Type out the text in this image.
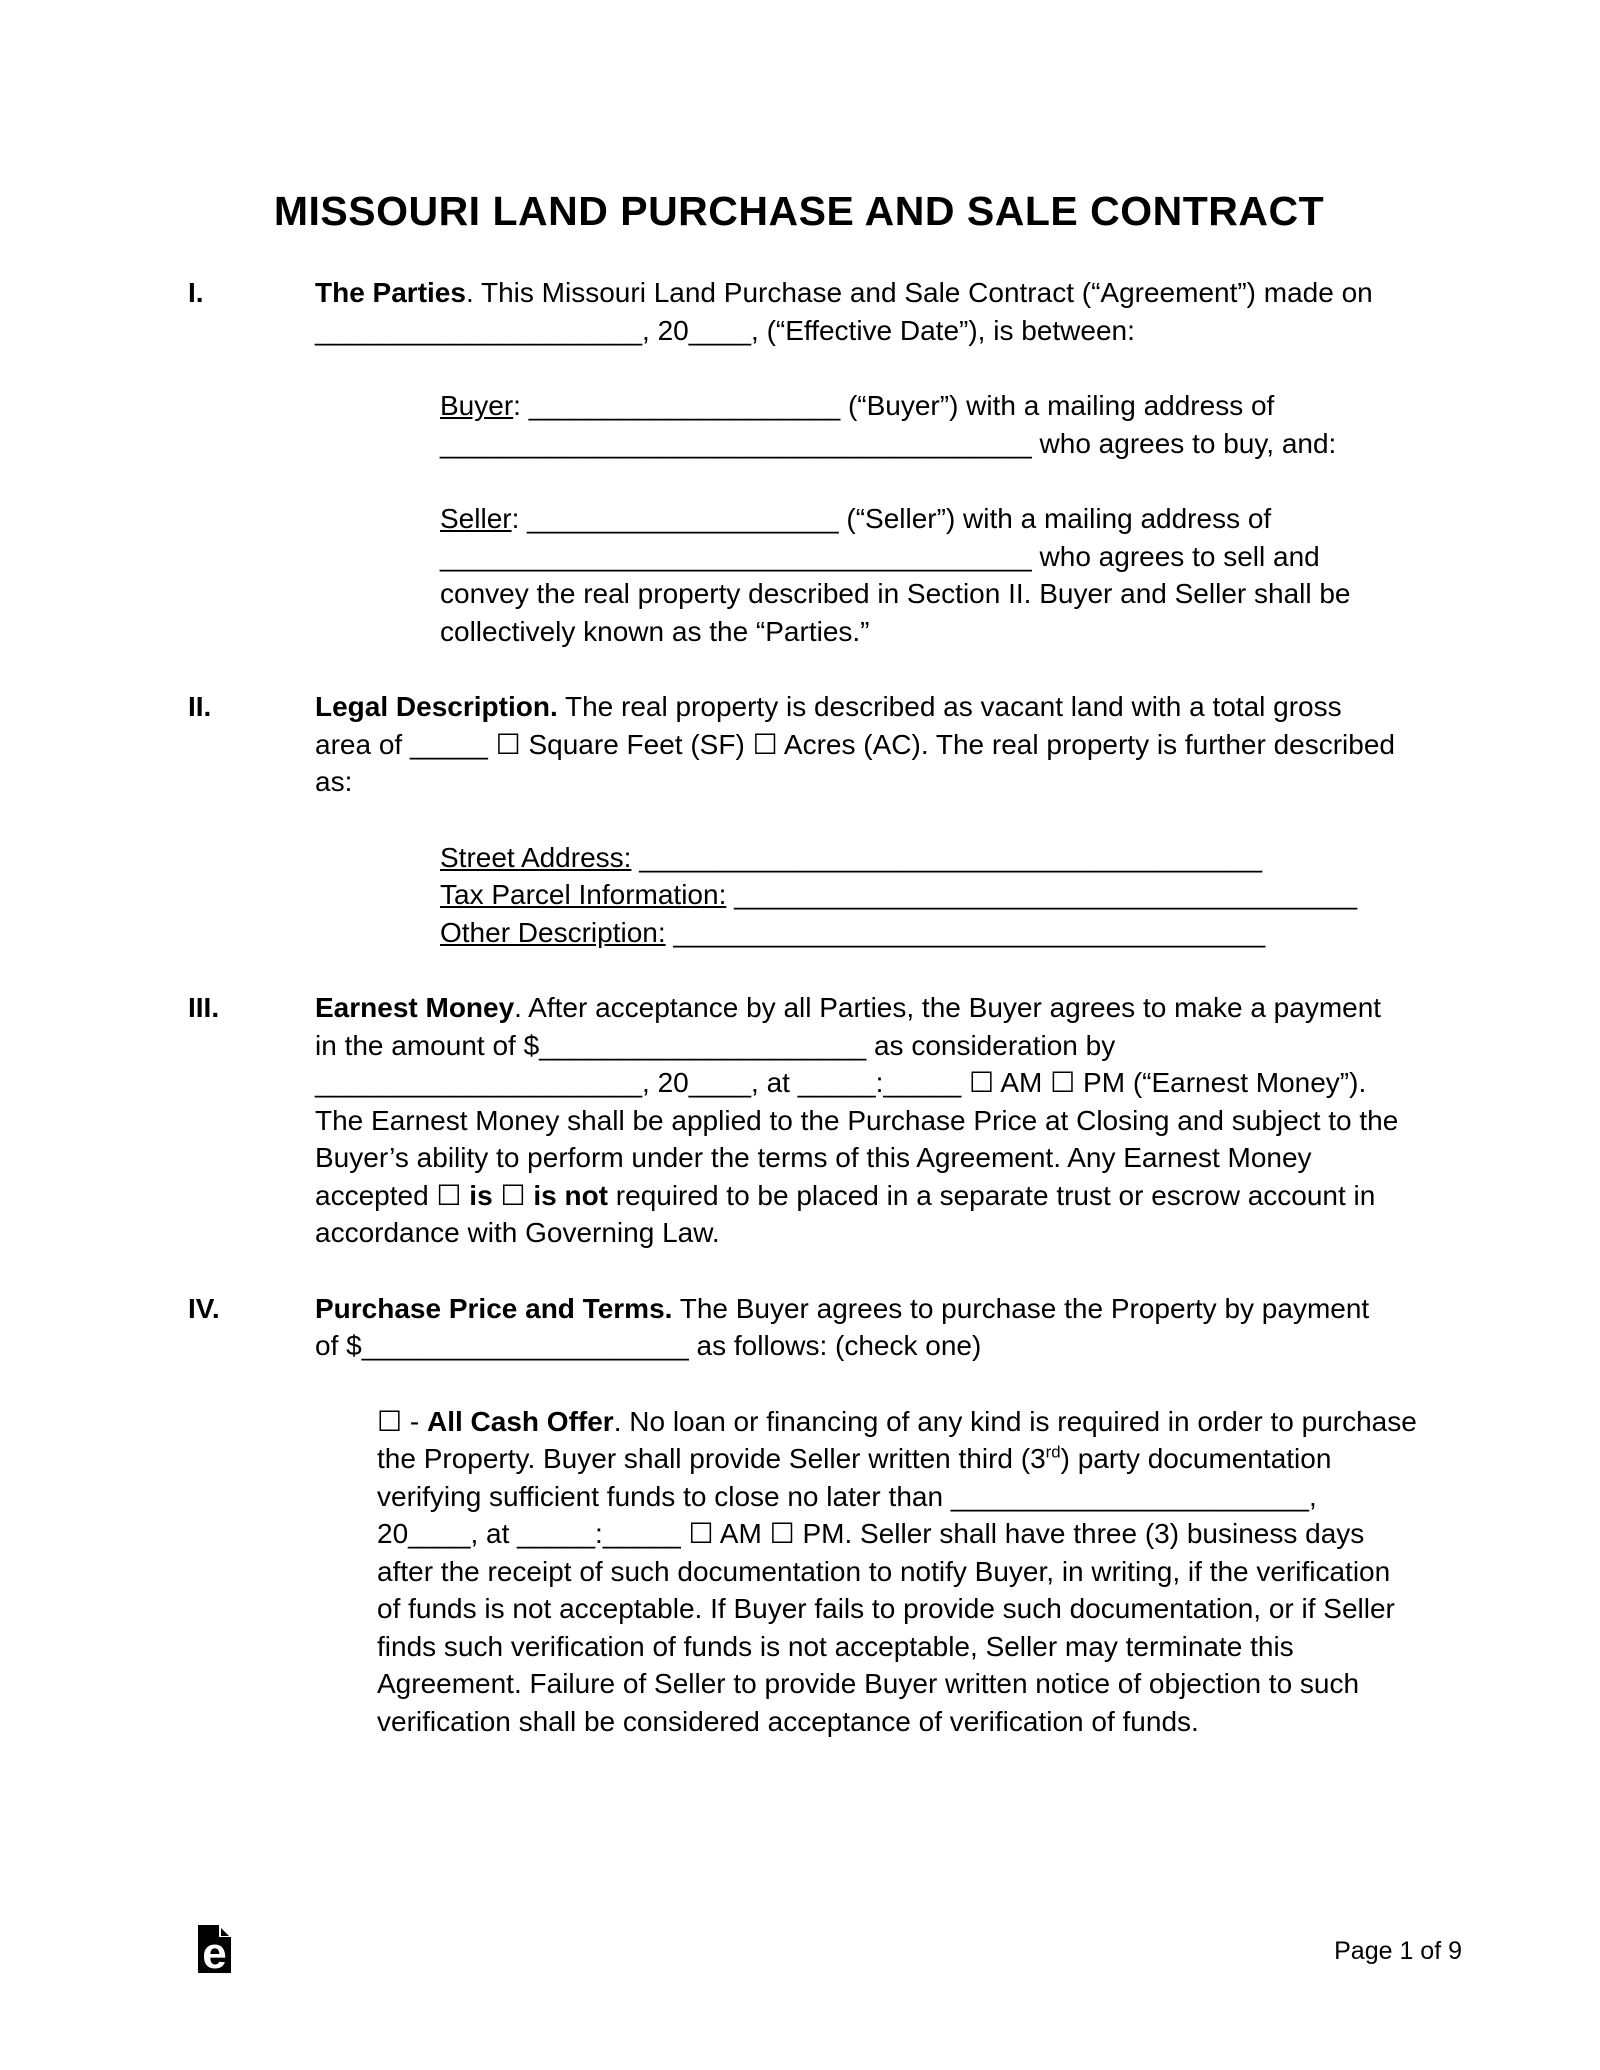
MISSOURI LAND PURCHASE AND SALE CONTRACT
I.	The Parties. This Missouri Land Purchase and Sale Contract (“Agreement”) made on _____________________, 20____, (“Effective Date”), is between:

Buyer: ____________________ (“Buyer”) with a mailing address of ______________________________________ who agrees to buy, and:

Seller: ____________________ (“Seller”) with a mailing address of ______________________________________ who agrees to sell and convey the real property described in Section II. Buyer and Seller shall be collectively known as the “Parties.”

II.	Legal Description. The real property is described as vacant land with a total gross area of _____ ☐ Square Feet (SF) ☐ Acres (AC). The real property is further described as:

Street Address: ________________________________________

Tax Parcel Information: ________________________________________

Other Description: ______________________________________

III.	Earnest Money. After acceptance by all Parties, the Buyer agrees to make a payment in the amount of $_____________________ as consideration by _____________________, 20____, at _____:_____ ☐ AM ☐ PM (“Earnest Money”). The Earnest Money shall be applied to the Purchase Price at Closing and subject to the Buyer’s ability to perform under the terms of this Agreement. Any Earnest Money accepted ☐ is ☐ is not required to be placed in a separate trust or escrow account in accordance with Governing Law.

IV.	Purchase Price and Terms. The Buyer agrees to purchase the Property by payment of $_____________________ as follows: (check one)

☐ - All Cash Offer. No loan or financing of any kind is required in order to purchase the Property. Buyer shall provide Seller written third (3rd) party documentation verifying sufficient funds to close no later than _______________________, 20____, at _____:_____ ☐ AM ☐ PM. Seller shall have three (3) business days after the receipt of such documentation to notify Buyer, in writing, if the verification of funds is not acceptable. If Buyer fails to provide such documentation, or if Seller finds such verification of funds is not acceptable, Seller may terminate this Agreement. Failure of Seller to provide Buyer written notice of objection to such verification shall be considered acceptance of verification of funds.

e	Page 1 of 9
